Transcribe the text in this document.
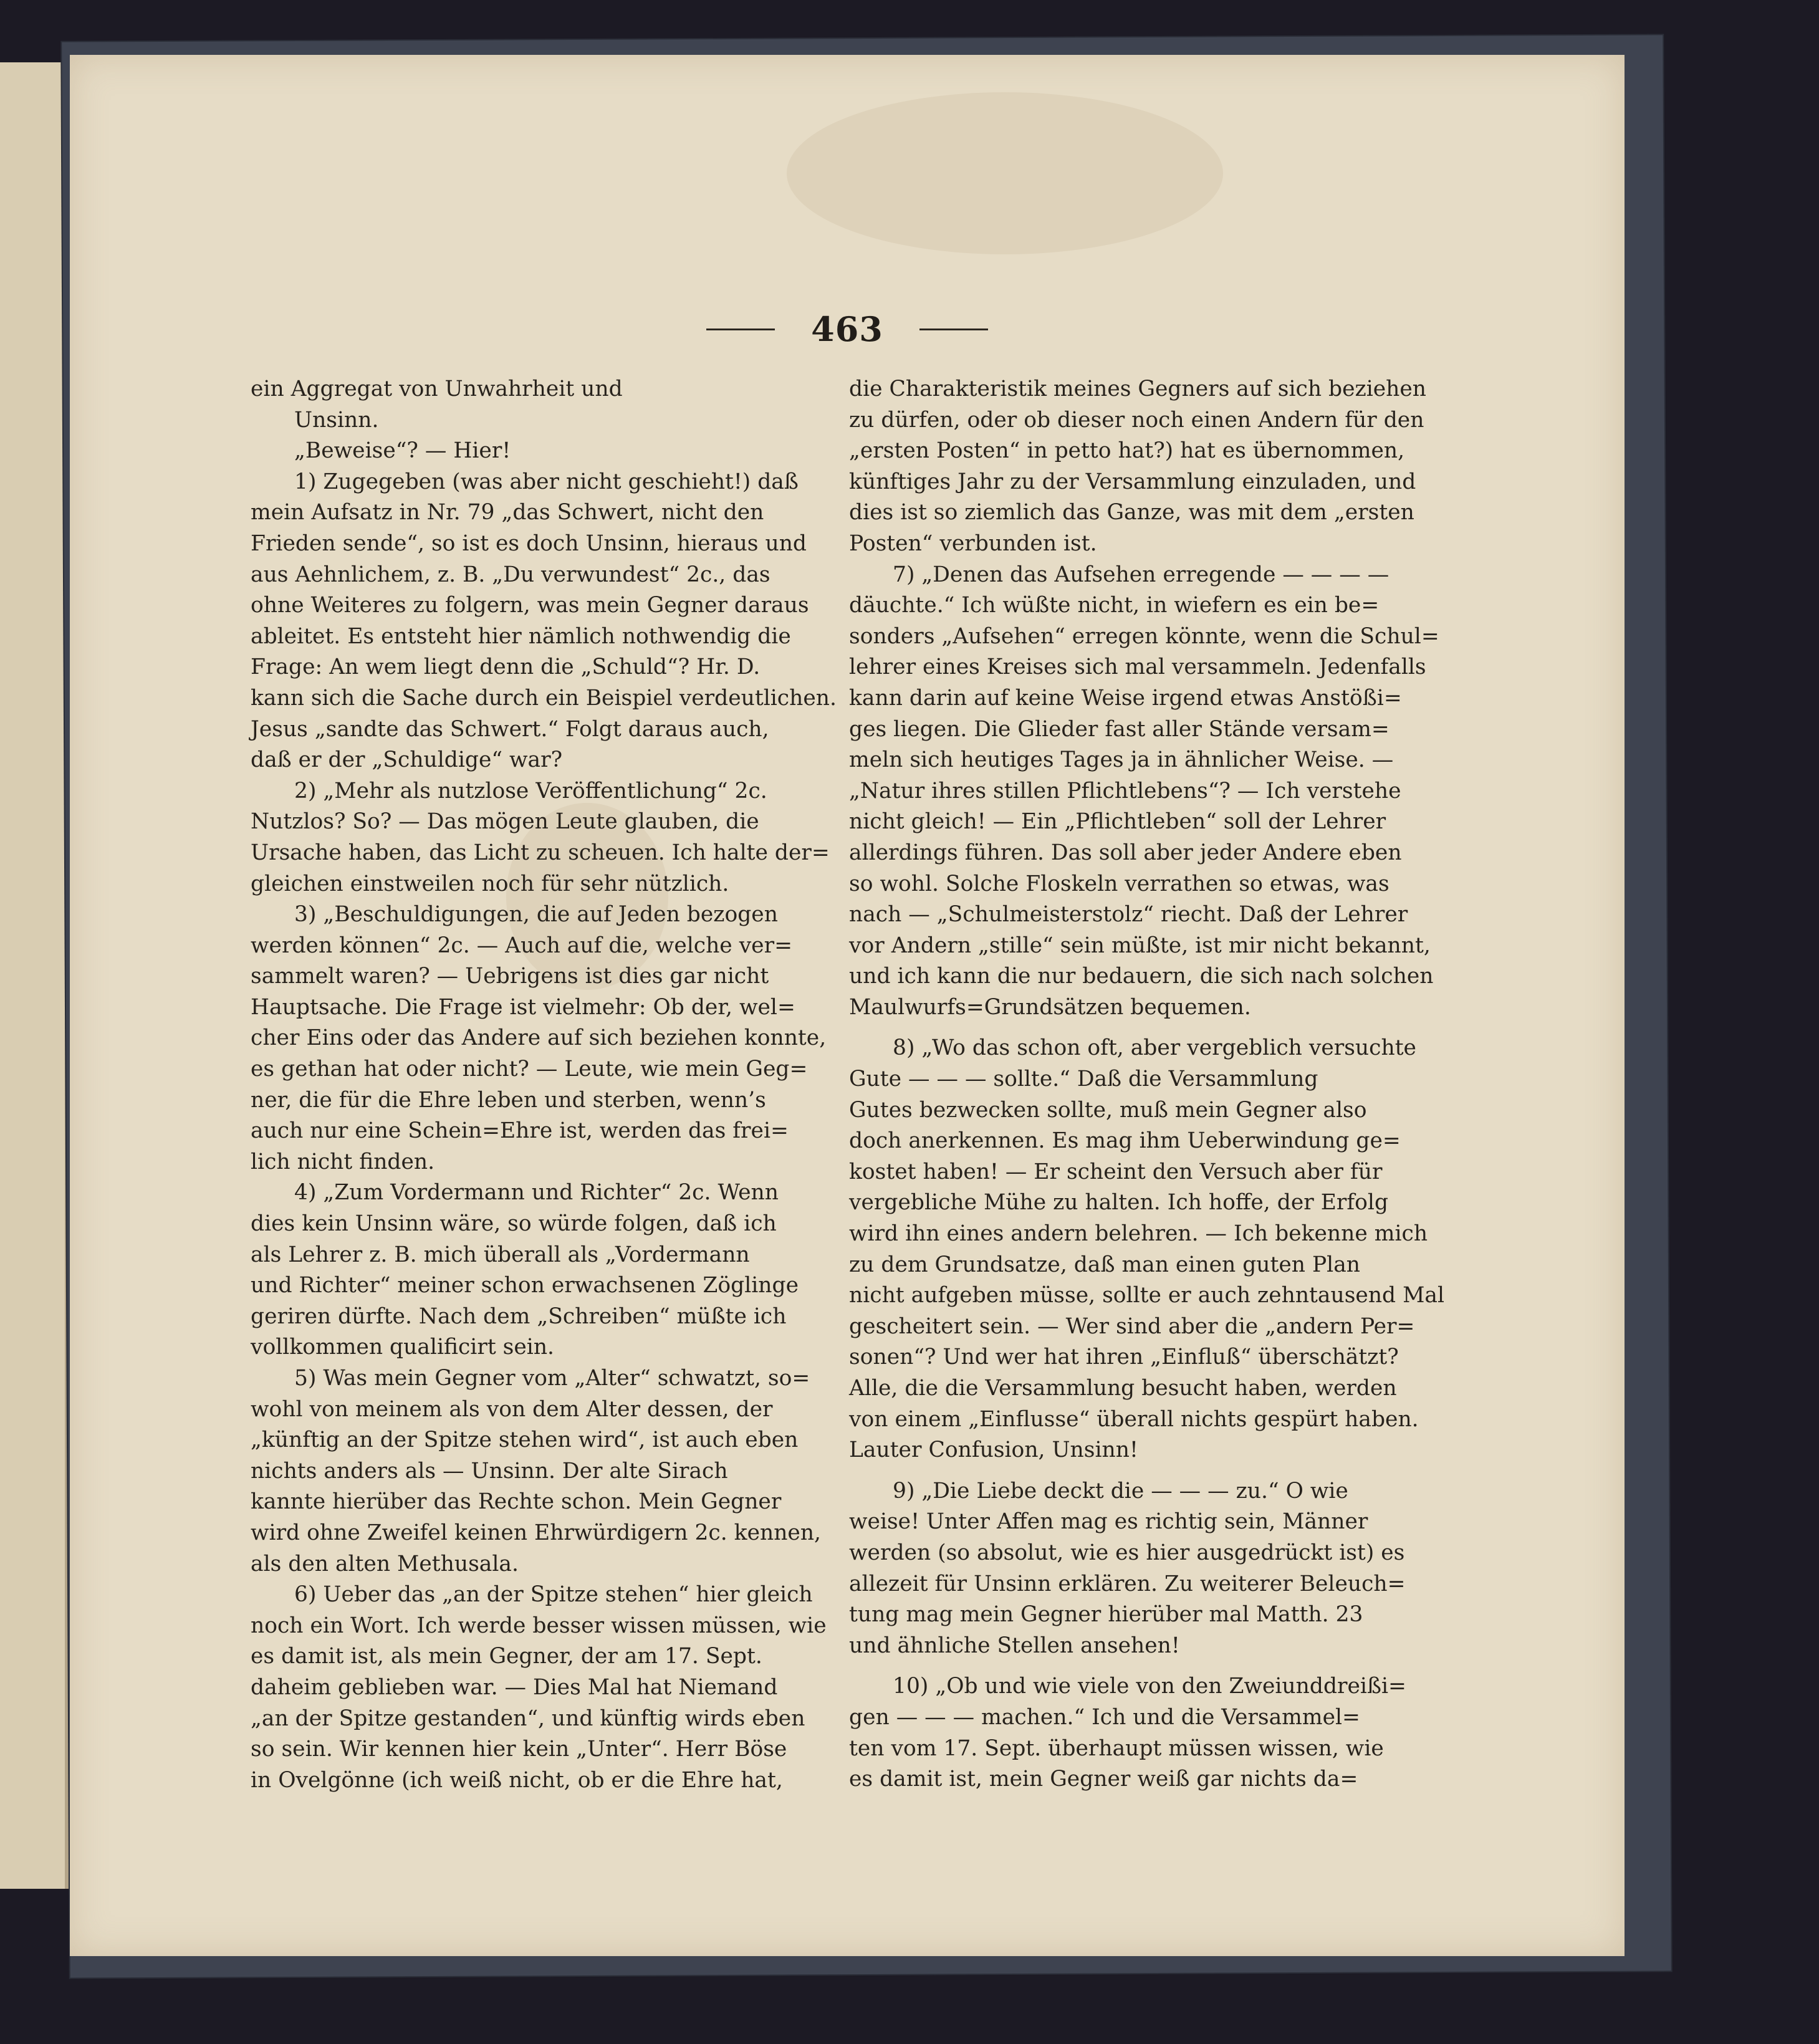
463
ein Aggregat von Unwahrheit und
Unsinn.
„Beweise“? — Hier!
1) Zugegeben (was aber nicht geschieht!) daß
mein Aufsatz in Nr. 79 „das Schwert, nicht den
Frieden sende“, so ist es doch Unsinn, hieraus und
aus Aehnlichem, z. B. „Du verwundest“ 2c., das
ohne Weiteres zu folgern, was mein Gegner daraus
ableitet. Es entsteht hier nämlich nothwendig die
Frage: An wem liegt denn die „Schuld“? Hr. D.
kann sich die Sache durch ein Beispiel verdeutlichen.
Jesus „sandte das Schwert.“ Folgt daraus auch,
daß er der „Schuldige“ war?
2) „Mehr als nutzlose Veröffentlichung“ 2c.
Nutzlos? So? — Das mögen Leute glauben, die
Ursache haben, das Licht zu scheuen. Ich halte der=
gleichen einstweilen noch für sehr nützlich.
3) „Beschuldigungen, die auf Jeden bezogen
werden können“ 2c. — Auch auf die, welche ver=
sammelt waren? — Uebrigens ist dies gar nicht
Hauptsache. Die Frage ist vielmehr: Ob der, wel=
cher Eins oder das Andere auf sich beziehen konnte,
es gethan hat oder nicht? — Leute, wie mein Geg=
ner, die für die Ehre leben und sterben, wenn’s
auch nur eine Schein=Ehre ist, werden das frei=
lich nicht finden.
4) „Zum Vordermann und Richter“ 2c. Wenn
dies kein Unsinn wäre, so würde folgen, daß ich
als Lehrer z. B. mich überall als „Vordermann
und Richter“ meiner schon erwachsenen Zöglinge
geriren dürfte. Nach dem „Schreiben“ müßte ich
vollkommen qualificirt sein.
5) Was mein Gegner vom „Alter“ schwatzt, so=
wohl von meinem als von dem Alter dessen, der
„künftig an der Spitze stehen wird“, ist auch eben
nichts anders als — Unsinn. Der alte Sirach
kannte hierüber das Rechte schon. Mein Gegner
wird ohne Zweifel keinen Ehrwürdigern 2c. kennen,
als den alten Methusala.
6) Ueber das „an der Spitze stehen“ hier gleich
noch ein Wort. Ich werde besser wissen müssen, wie
es damit ist, als mein Gegner, der am 17. Sept.
daheim geblieben war. — Dies Mal hat Niemand
„an der Spitze gestanden“, und künftig wirds eben
so sein. Wir kennen hier kein „Unter“. Herr Böse
in Ovelgönne (ich weiß nicht, ob er die Ehre hat,
die Charakteristik meines Gegners auf sich beziehen
zu dürfen, oder ob dieser noch einen Andern für den
„ersten Posten“ in petto hat?) hat es übernommen,
künftiges Jahr zu der Versammlung einzuladen, und
dies ist so ziemlich das Ganze, was mit dem „ersten
Posten“ verbunden ist.
7) „Denen das Aufsehen erregende — — — —
däuchte.“ Ich wüßte nicht, in wiefern es ein be=
sonders „Aufsehen“ erregen könnte, wenn die Schul=
lehrer eines Kreises sich mal versammeln. Jedenfalls
kann darin auf keine Weise irgend etwas Anstößi=
ges liegen. Die Glieder fast aller Stände versam=
meln sich heutiges Tages ja in ähnlicher Weise. —
„Natur ihres stillen Pflichtlebens“? — Ich verstehe
nicht gleich! — Ein „Pflichtleben“ soll der Lehrer
allerdings führen. Das soll aber jeder Andere eben
so wohl. Solche Floskeln verrathen so etwas, was
nach — „Schulmeisterstolz“ riecht. Daß der Lehrer
vor Andern „stille“ sein müßte, ist mir nicht bekannt,
und ich kann die nur bedauern, die sich nach solchen
Maulwurfs=Grundsätzen bequemen.
8) „Wo das schon oft, aber vergeblich versuchte
Gute — — — sollte.“ Daß die Versammlung
Gutes bezwecken sollte, muß mein Gegner also
doch anerkennen. Es mag ihm Ueberwindung ge=
kostet haben! — Er scheint den Versuch aber für
vergebliche Mühe zu halten. Ich hoffe, der Erfolg
wird ihn eines andern belehren. — Ich bekenne mich
zu dem Grundsatze, daß man einen guten Plan
nicht aufgeben müsse, sollte er auch zehntausend Mal
gescheitert sein. — Wer sind aber die „andern Per=
sonen“? Und wer hat ihren „Einfluß“ überschätzt?
Alle, die die Versammlung besucht haben, werden
von einem „Einflusse“ überall nichts gespürt haben.
Lauter Confusion, Unsinn!
9) „Die Liebe deckt die — — — zu.“ O wie
weise! Unter Affen mag es richtig sein, Männer
werden (so absolut, wie es hier ausgedrückt ist) es
allezeit für Unsinn erklären. Zu weiterer Beleuch=
tung mag mein Gegner hierüber mal Matth. 23
und ähnliche Stellen ansehen!
10) „Ob und wie viele von den Zweiunddreißi=
gen — — — machen.“ Ich und die Versammel=
ten vom 17. Sept. überhaupt müssen wissen, wie
es damit ist, mein Gegner weiß gar nichts da=
